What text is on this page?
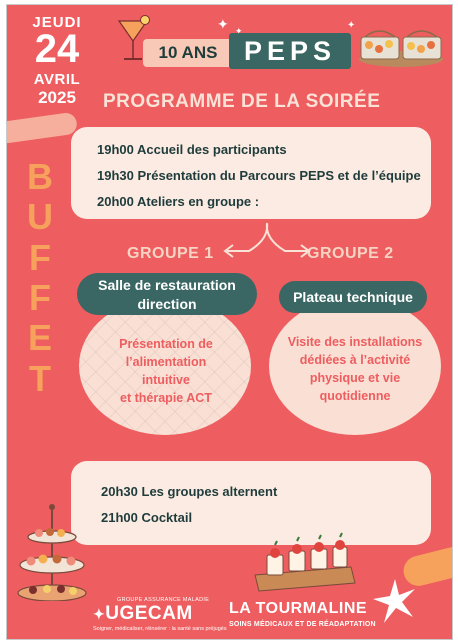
JEUDI
24
AVRIL
2025
10 ANS PEPS
✦ ✦	✦
PROGRAMME DE LA SOIRÉE
B
U
F
F
E
T
19h00 Accueil des participants
19h30 Présentation du Parcours PEPS et de l’équipe
20h00 Ateliers en groupe :
GROUPE 1	GROUPE 2
Salle de restauration
direction
Présentation de
l’alimentation
intuitive
et thérapie ACT
Plateau technique
Visite des installations
dédiées à l’activité
physique et vie
quotidienne
20h30 Les groupes alternent
21h00 Cocktail
GROUPE ASSURANCE MALADIE
✦UGECAM
Soigner, médicaliser, réinsérer : la santé sans préjugés
LA TOURMALINE
SOINS MÉDICAUX ET DE RÉADAPTATION
